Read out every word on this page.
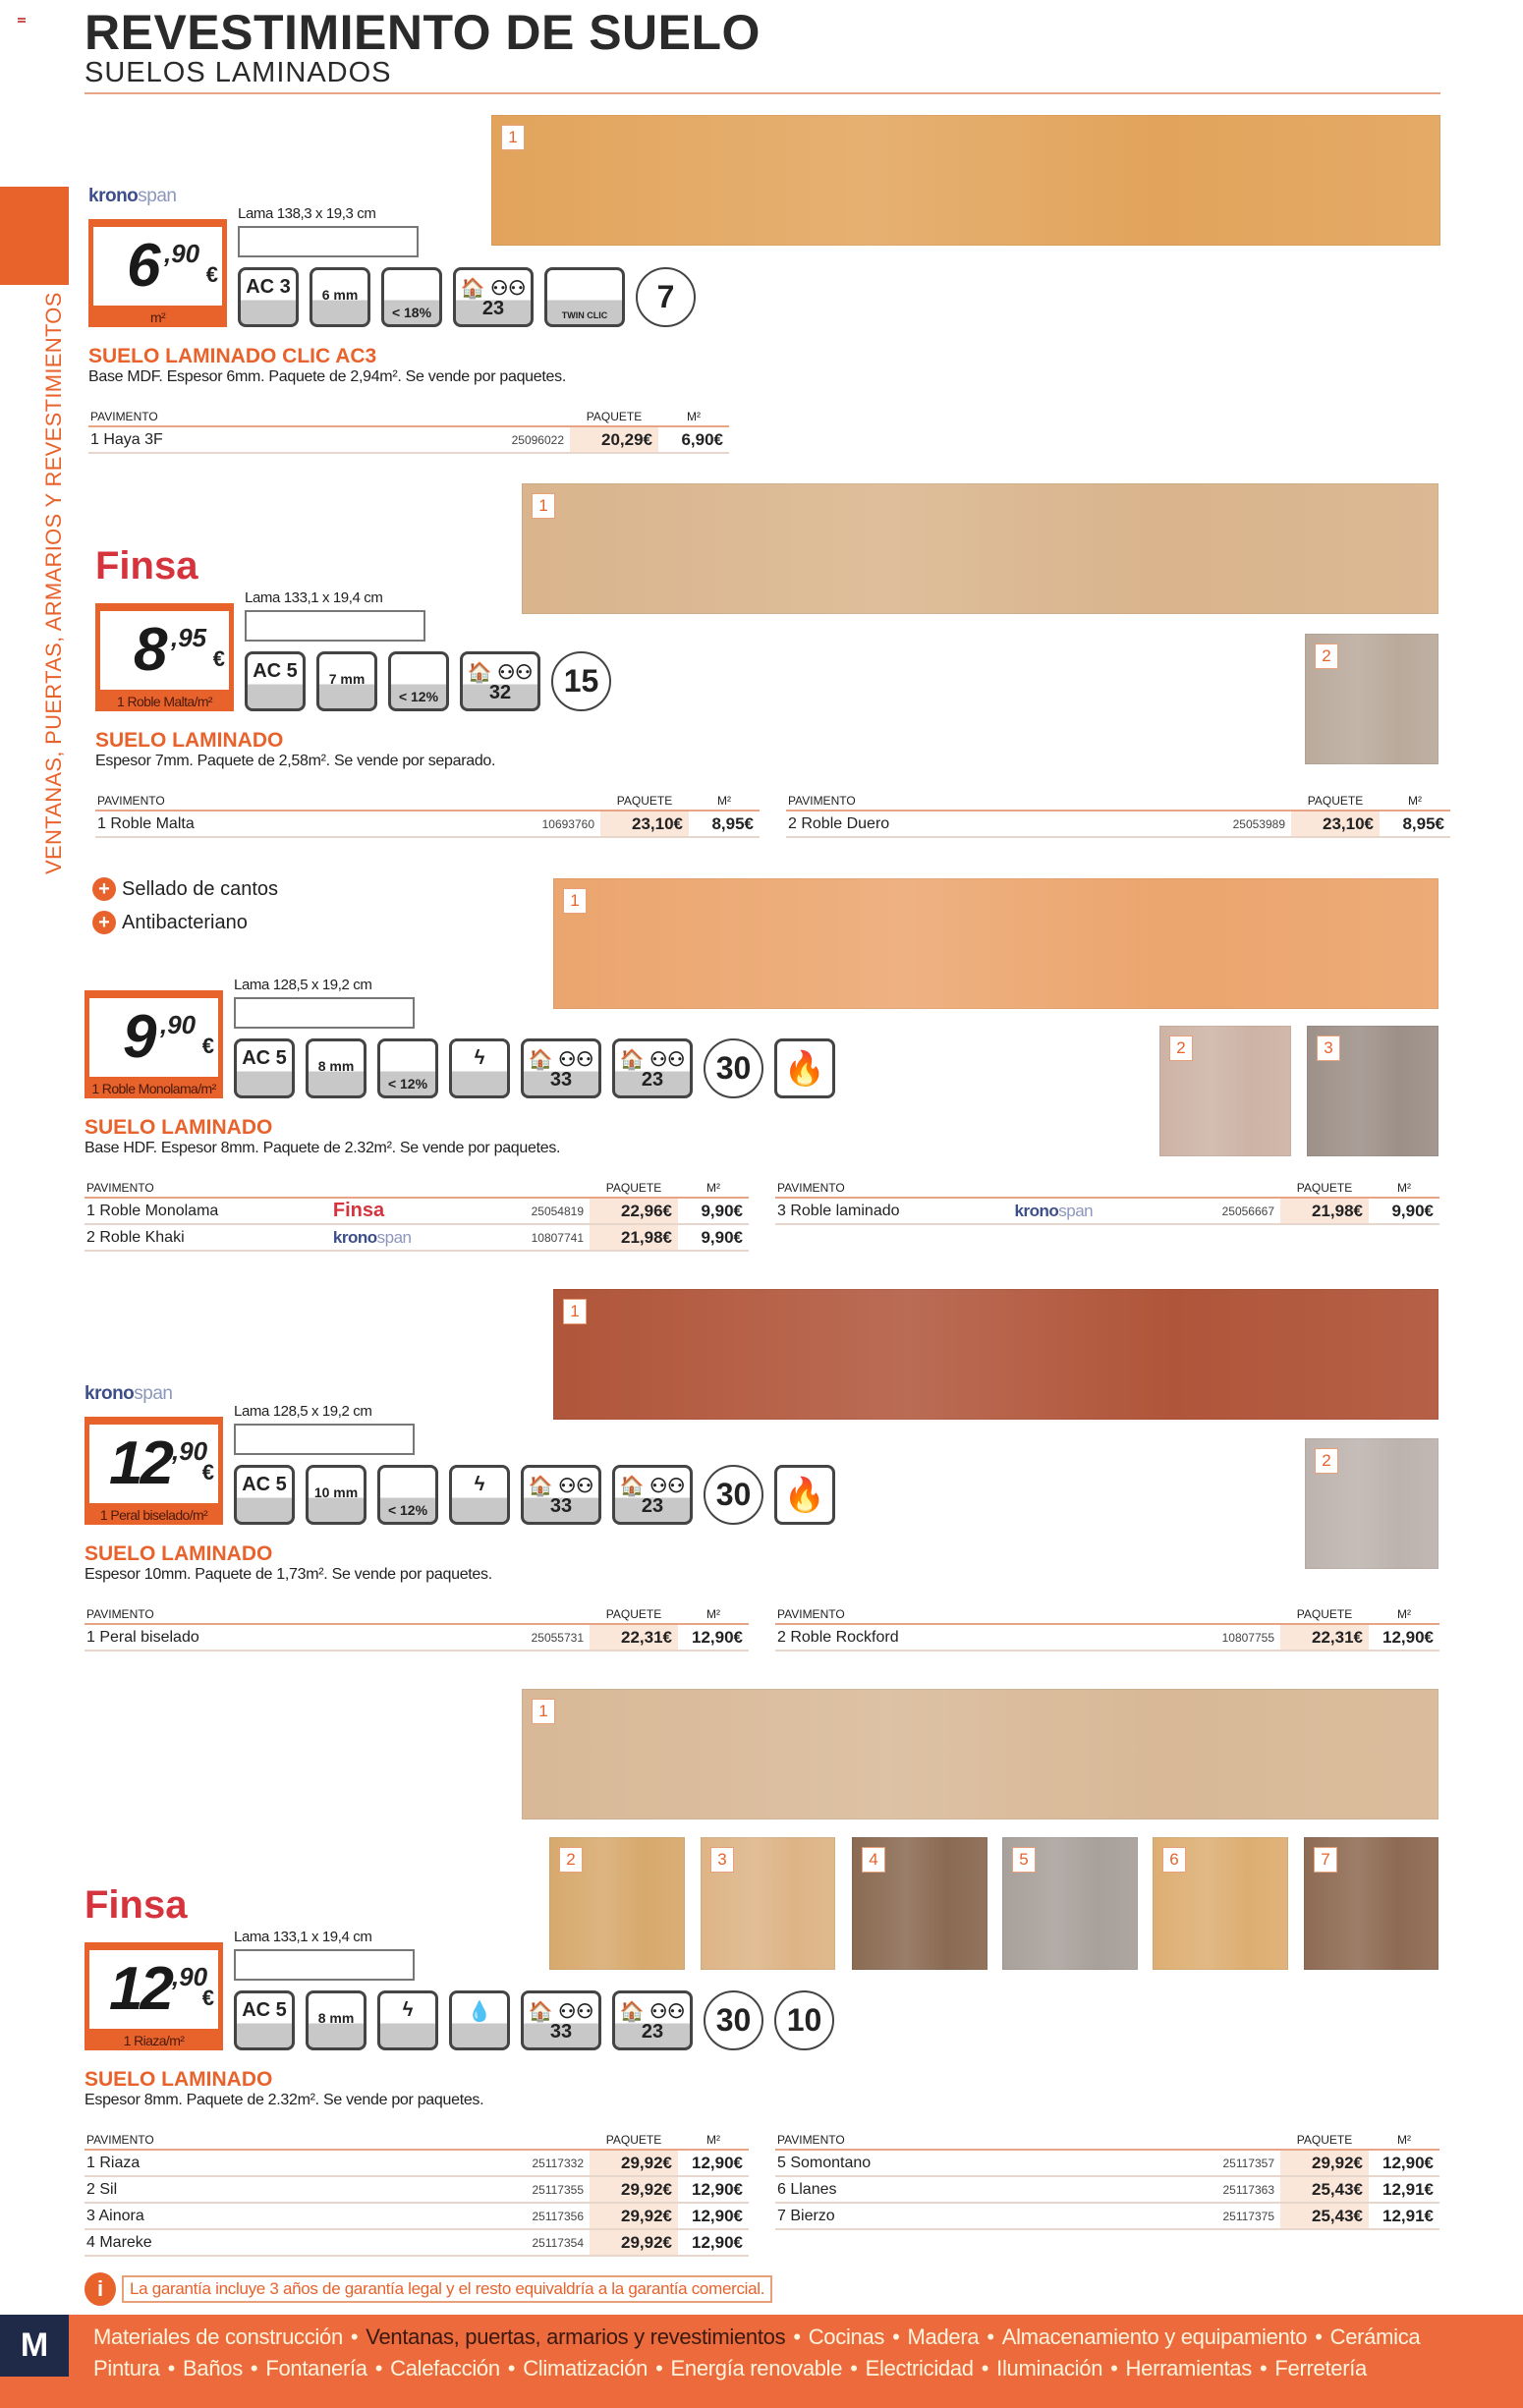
REVESTIMIENTO DE SUELO
SUELOS LAMINADOS
VENTANAS, PUERTAS, ARMARIOS Y REVESTIMIENTOS
1
kronospan
6 ,90
€
m²
Lama 138,3 x 19,3 cm
AC 3	6 mm
< 18%
🏠 ⚇⚇
23	TWIN CLIC
7
SUELO LAMINADO CLIC AC3
Base MDF. Espesor 6mm. Paquete de 2,94m². Se vende por paquetes.
PAVIMENTO		PAQUETE	M²
1 Haya 3F	25096022	20,29€	6,90€
1
2
Finsa
8 ,95
€
1 Roble Malta/m²
Lama 133,1 x 19,4 cm
AC 5	7 mm
< 12%
🏠 ⚇⚇
32	15
SUELO LAMINADO
Espesor 7mm. Paquete de 2,58m². Se vende por separado.
PAVIMENTO		PAQUETE	M²
1 Roble Malta	10693760	23,10€	8,95€
PAVIMENTO		PAQUETE	M²
2 Roble Duero	25053989	23,10€	8,95€
1
2	3
+ Sellado de cantos
+ Antibacteriano
9 ,90
€
1 Roble Monolama/m²
Lama 128,5 x 19,2 cm
AC 5	8 mm
< 12%
ϟ	🏠 ⚇⚇
33
🏠 ⚇⚇
23	30 🔥
SUELO LAMINADO
Base HDF. Espesor 8mm. Paquete de 2.32m². Se vende por paquetes.
PAVIMENTO			PAQUETE	M²
1 Roble Monolama	Finsa	25054819	22,96€	9,90€
2 Roble Khaki	kronospan	10807741	21,98€	9,90€
PAVIMENTO			PAQUETE	M²
3 Roble laminado	kronospan	25056667	21,98€	9,90€
1
2
kronospan
12 ,90
€
1 Peral biselado/m²
Lama 128,5 x 19,2 cm
AC 5	10 mm
< 12%
ϟ	🏠 ⚇⚇
33
🏠 ⚇⚇
23	30 🔥
SUELO LAMINADO
Espesor 10mm. Paquete de 1,73m². Se vende por paquetes.
PAVIMENTO		PAQUETE	M²
1 Peral biselado	25055731	22,31€	12,90€
PAVIMENTO		PAQUETE	M²
2 Roble Rockford	10807755	22,31€	12,90€
1
2	3	4	5	6	7
Finsa
12 ,90
€
1 Riaza/m²
Lama 133,1 x 19,4 cm
AC 5	8 mm	ϟ	💧	🏠 ⚇⚇
33
🏠 ⚇⚇
23	30	10
SUELO LAMINADO
Espesor 8mm. Paquete de 2.32m². Se vende por paquetes.
PAVIMENTO		PAQUETE	M²
1 Riaza	25117332	29,92€	12,90€
2 Sil	25117355	29,92€	12,90€
3 Ainora	25117356	29,92€	12,90€
4 Mareke	25117354	29,92€	12,90€
PAVIMENTO		PAQUETE	M²
5 Somontano	25117357	29,92€	12,90€
6 Llanes	25117363	25,43€	12,91€
7 Bierzo	25117375	25,43€	12,91€
i	La garantía incluye 3 años de garantía legal y el resto equivaldría a la garantía comercial.
Materiales de construcción • Ventanas, puertas, armarios y revestimientos • Cocinas • Madera • Almacenamiento y equipamiento • Cerámica
Pintura • Baños • Fontanería • Calefacción • Climatización • Energía renovable • Electricidad • Iluminación • Herramientas • Ferretería
M
